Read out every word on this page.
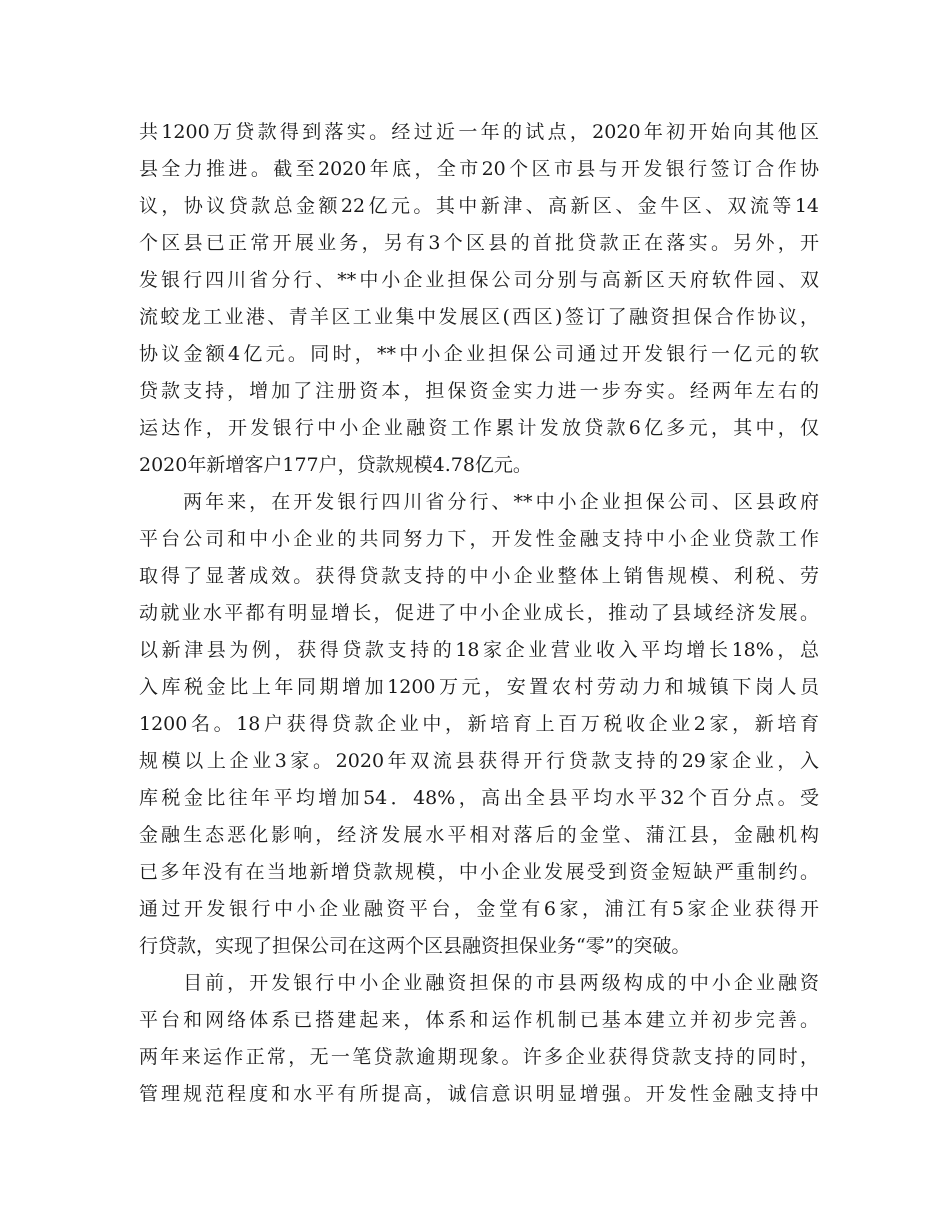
共1200万贷款得到落实。经过近一年的试点，2020年初开始向其他区
县全力推进。截至2020年底，全市20个区市县与开发银行签订合作协
议，协议贷款总金额22亿元。其中新津、高新区、金牛区、双流等14
个区县已正常开展业务，另有3个区县的首批贷款正在落实。另外，开
发银行四川省分行、**中小企业担保公司分别与高新区天府软件园、双
流蛟龙工业港、青羊区工业集中发展区(西区)签订了融资担保合作协议，
协议金额4亿元。同时，**中小企业担保公司通过开发银行一亿元的软
贷款支持，增加了注册资本，担保资金实力进一步夯实。经两年左右的
运达作，开发银行中小企业融资工作累计发放贷款6亿多元，其中，仅
2020年新增客户177户，贷款规模4.78亿元。
　　两年来，在开发银行四川省分行、**中小企业担保公司、区县政府
平台公司和中小企业的共同努力下，开发性金融支持中小企业贷款工作
取得了显著成效。获得贷款支持的中小企业整体上销售规模、利税、劳
动就业水平都有明显增长，促进了中小企业成长，推动了县域经济发展。
以新津县为例，获得贷款支持的18家企业营业收入平均增长18%，总
入库税金比上年同期增加1200万元，安置农村劳动力和城镇下岗人员
1200名。18户获得贷款企业中，新培育上百万税收企业2家，新培育
规模以上企业3家。2020年双流县获得开行贷款支持的29家企业，入
库税金比往年平均增加54．48%，高出全县平均水平32个百分点。受
金融生态恶化影响，经济发展水平相对落后的金堂、蒲江县，金融机构
已多年没有在当地新增贷款规模，中小企业发展受到资金短缺严重制约。
通过开发银行中小企业融资平台，金堂有6家，浦江有5家企业获得开
行贷款，实现了担保公司在这两个区县融资担保业务“零”的突破。
　　目前，开发银行中小企业融资担保的市县两级构成的中小企业融资
平台和网络体系已搭建起来，体系和运作机制已基本建立并初步完善。
两年来运作正常，无一笔贷款逾期现象。许多企业获得贷款支持的同时，
管理规范程度和水平有所提高，诚信意识明显增强。开发性金融支持中
